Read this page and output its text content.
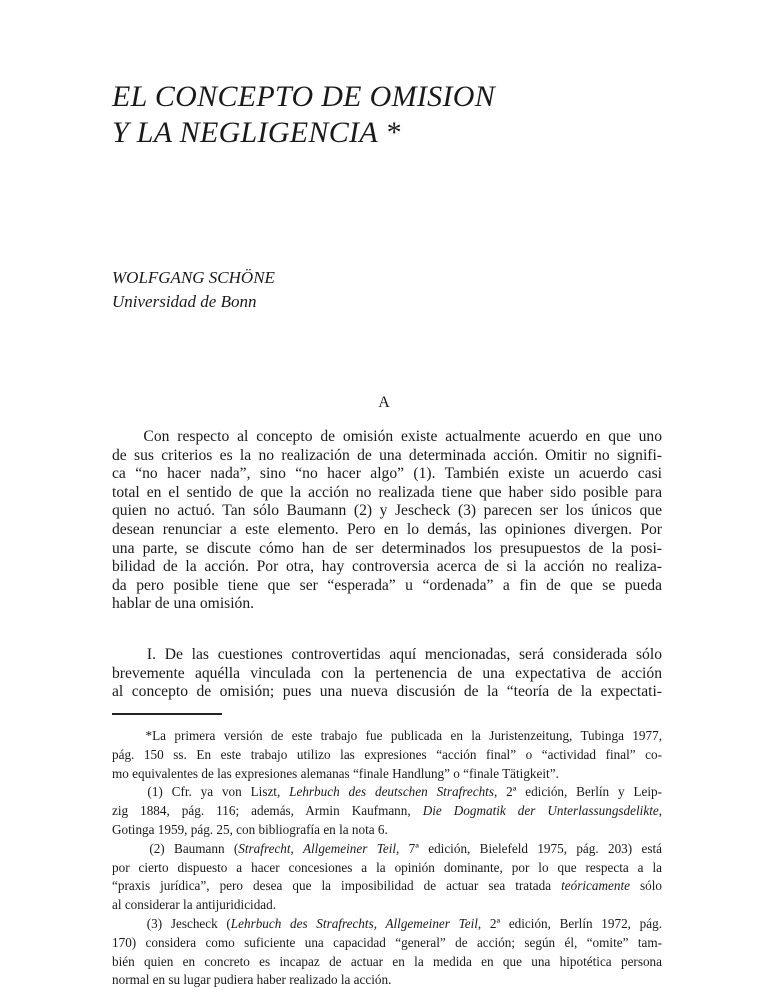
EL CONCEPTO DE OMISION
Y LA NEGLIGENCIA *
WOLFGANG SCHÖNE
Universidad de Bonn
A
Con respecto al concepto de omisión existe actualmente acuerdo en que uno
de sus criterios es la no realización de una determinada acción. Omitir no signifi-
ca “no hacer nada”, sino “no hacer algo” (1). También existe un acuerdo casi
total en el sentido de que la acción no realizada tiene que haber sido posible para
quien no actuó. Tan sólo Baumann (2) y Jescheck (3) parecen ser los únicos que
desean renunciar a este elemento. Pero en lo demás, las opiniones divergen. Por
una parte, se discute cómo han de ser determinados los presupuestos de la posi-
bilidad de la acción. Por otra, hay controversia acerca de si la acción no realiza-
da pero posible tiene que ser “esperada” u “ordenada” a fin de que se pueda
hablar de una omisión.
I. De las cuestiones controvertidas aquí mencionadas, será considerada sólo
brevemente aquélla vinculada con la pertenencia de una expectativa de acción
al concepto de omisión; pues una nueva discusión de la “teoría de la expectati-
*La primera versión de este trabajo fue publicada en la Juristenzeitung, Tubinga 1977,
pág. 150 ss. En este trabajo utilizo las expresiones “acción final” o “actividad final” co-
mo equivalentes de las expresiones alemanas “finale Handlung” o “finale Tätigkeit”.
(1) Cfr. ya von Liszt, Lehrbuch des deutschen Strafrechts, 2ª edición, Berlín y Leip-
zig 1884, pág. 116; además, Armin Kaufmann, Die Dogmatik der Unterlassungsdelikte,
Gotinga 1959, pág. 25, con bibliografía en la nota 6.
(2) Baumann (Strafrecht, Allgemeiner Teil, 7ª edición, Bielefeld 1975, pág. 203) está
por cierto dispuesto a hacer concesiones a la opinión dominante, por lo que respecta a la
“praxis jurídica”, pero desea que la imposibilidad de actuar sea tratada teóricamente sólo
al considerar la antijuridicidad.
(3) Jescheck (Lehrbuch des Strafrechts, Allgemeiner Teil, 2ª edición, Berlín 1972, pág.
170) considera como suficiente una capacidad “general” de acción; según él, “omite” tam-
bién quien en concreto es incapaz de actuar en la medida en que una hipotética persona
normal en su lugar pudiera haber realizado la acción.
